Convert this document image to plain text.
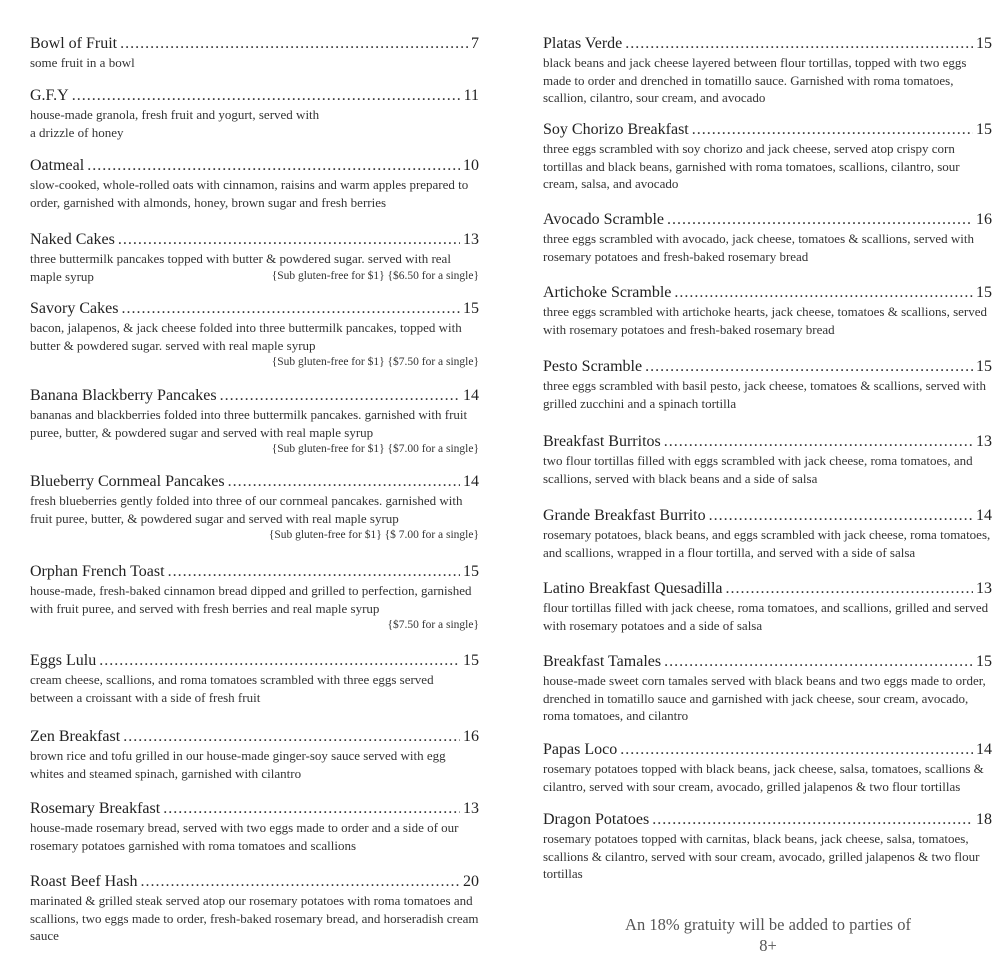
Bowl of Fruit .....	7
some fruit in a bowl
G.F.Y .....	11
house-made granola, fresh fruit and yogurt, served with a drizzle of honey
Oatmeal .....	10
slow-cooked, whole-rolled oats with cinnamon, raisins and warm apples prepared to order, garnished with almonds, honey, brown sugar and fresh berries
Naked Cakes .....	13
three buttermilk pancakes topped with butter & powdered sugar. served with real maple syrup	{Sub gluten-free for $1} {$6.50 for a single}
Savory Cakes .....	15
bacon, jalapenos, & jack cheese folded into three buttermilk pancakes, topped with butter & powdered sugar. served with real maple syrup
{Sub gluten-free for $1} {$7.50 for a single}
Banana Blackberry Pancakes .....	14
bananas and blackberries folded into three buttermilk pancakes. garnished with fruit puree, butter, & powdered sugar and served with real maple syrup
{Sub gluten-free for $1} {$7.00 for a single}
Blueberry Cornmeal Pancakes .....	14
fresh blueberries gently folded into three of our cornmeal pancakes. garnished with fruit puree, butter, & powdered sugar and served with real maple syrup
{Sub gluten-free for $1} {$ 7.00 for a single}
Orphan French Toast .....	15
house-made, fresh-baked cinnamon bread dipped and grilled to perfection, garnished with fruit puree, and served with fresh berries and real maple syrup
{$7.50 for a single}
Eggs Lulu .....	15
cream cheese, scallions, and roma tomatoes scrambled with three eggs served between a croissant with a side of fresh fruit
Zen Breakfast .....	16
brown rice and tofu grilled in our house-made ginger-soy sauce served with egg whites and steamed spinach, garnished with cilantro
Rosemary Breakfast .....	13
house-made rosemary bread, served with two eggs made to order and a side of our rosemary potatoes garnished with roma tomatoes and scallions
Roast Beef Hash .....	20
marinated & grilled steak served atop our rosemary potatoes with roma tomatoes and scallions, two eggs made to order, fresh-baked rosemary bread, and horseradish cream sauce
Platas Verde .....	15
black beans and jack cheese layered between flour tortillas, topped with two eggs made to order and drenched in tomatillo sauce. Garnished with roma tomatoes, scallion, cilantro, sour cream, and avocado
Soy Chorizo Breakfast .....	15
three eggs scrambled with soy chorizo and jack cheese, served atop crispy corn tortillas and black beans, garnished with roma tomatoes, scallions, cilantro, sour cream, salsa, and avocado
Avocado Scramble .....	16
three eggs scrambled with avocado, jack cheese, tomatoes & scallions, served with rosemary potatoes and fresh-baked rosemary bread
Artichoke Scramble .....	15
three eggs scrambled with artichoke hearts, jack cheese, tomatoes & scallions, served with rosemary potatoes and fresh-baked rosemary bread
Pesto Scramble .....	15
three eggs scrambled with basil pesto, jack cheese, tomatoes & scallions, served with grilled zucchini and a spinach tortilla
Breakfast Burritos .....	13
two flour tortillas filled with eggs scrambled with jack cheese, roma tomatoes, and scallions, served with black beans and a side of salsa
Grande Breakfast Burrito .....	14
rosemary potatoes, black beans, and eggs scrambled with jack cheese, roma tomatoes, and scallions, wrapped in a flour tortilla, and served with a side of salsa
Latino Breakfast Quesadilla .....	13
flour tortillas filled with jack cheese, roma tomatoes, and scallions, grilled and served with rosemary potatoes and a side of salsa
Breakfast Tamales .....	15
house-made sweet corn tamales served with black beans and two eggs made to order, drenched in tomatillo sauce and garnished with jack cheese, sour cream, avocado, roma tomatoes, and cilantro
Papas Loco .....	14
rosemary potatoes topped with black beans, jack cheese, salsa, tomatoes, scallions & cilantro, served with sour cream, avocado, grilled jalapenos & two flour tortillas
Dragon Potatoes .....	18
rosemary potatoes topped with carnitas, black beans, jack cheese, salsa, tomatoes, scallions & cilantro, served with sour cream, avocado, grilled jalapenos & two flour tortillas
An 18% gratuity will be added to parties of 8+
